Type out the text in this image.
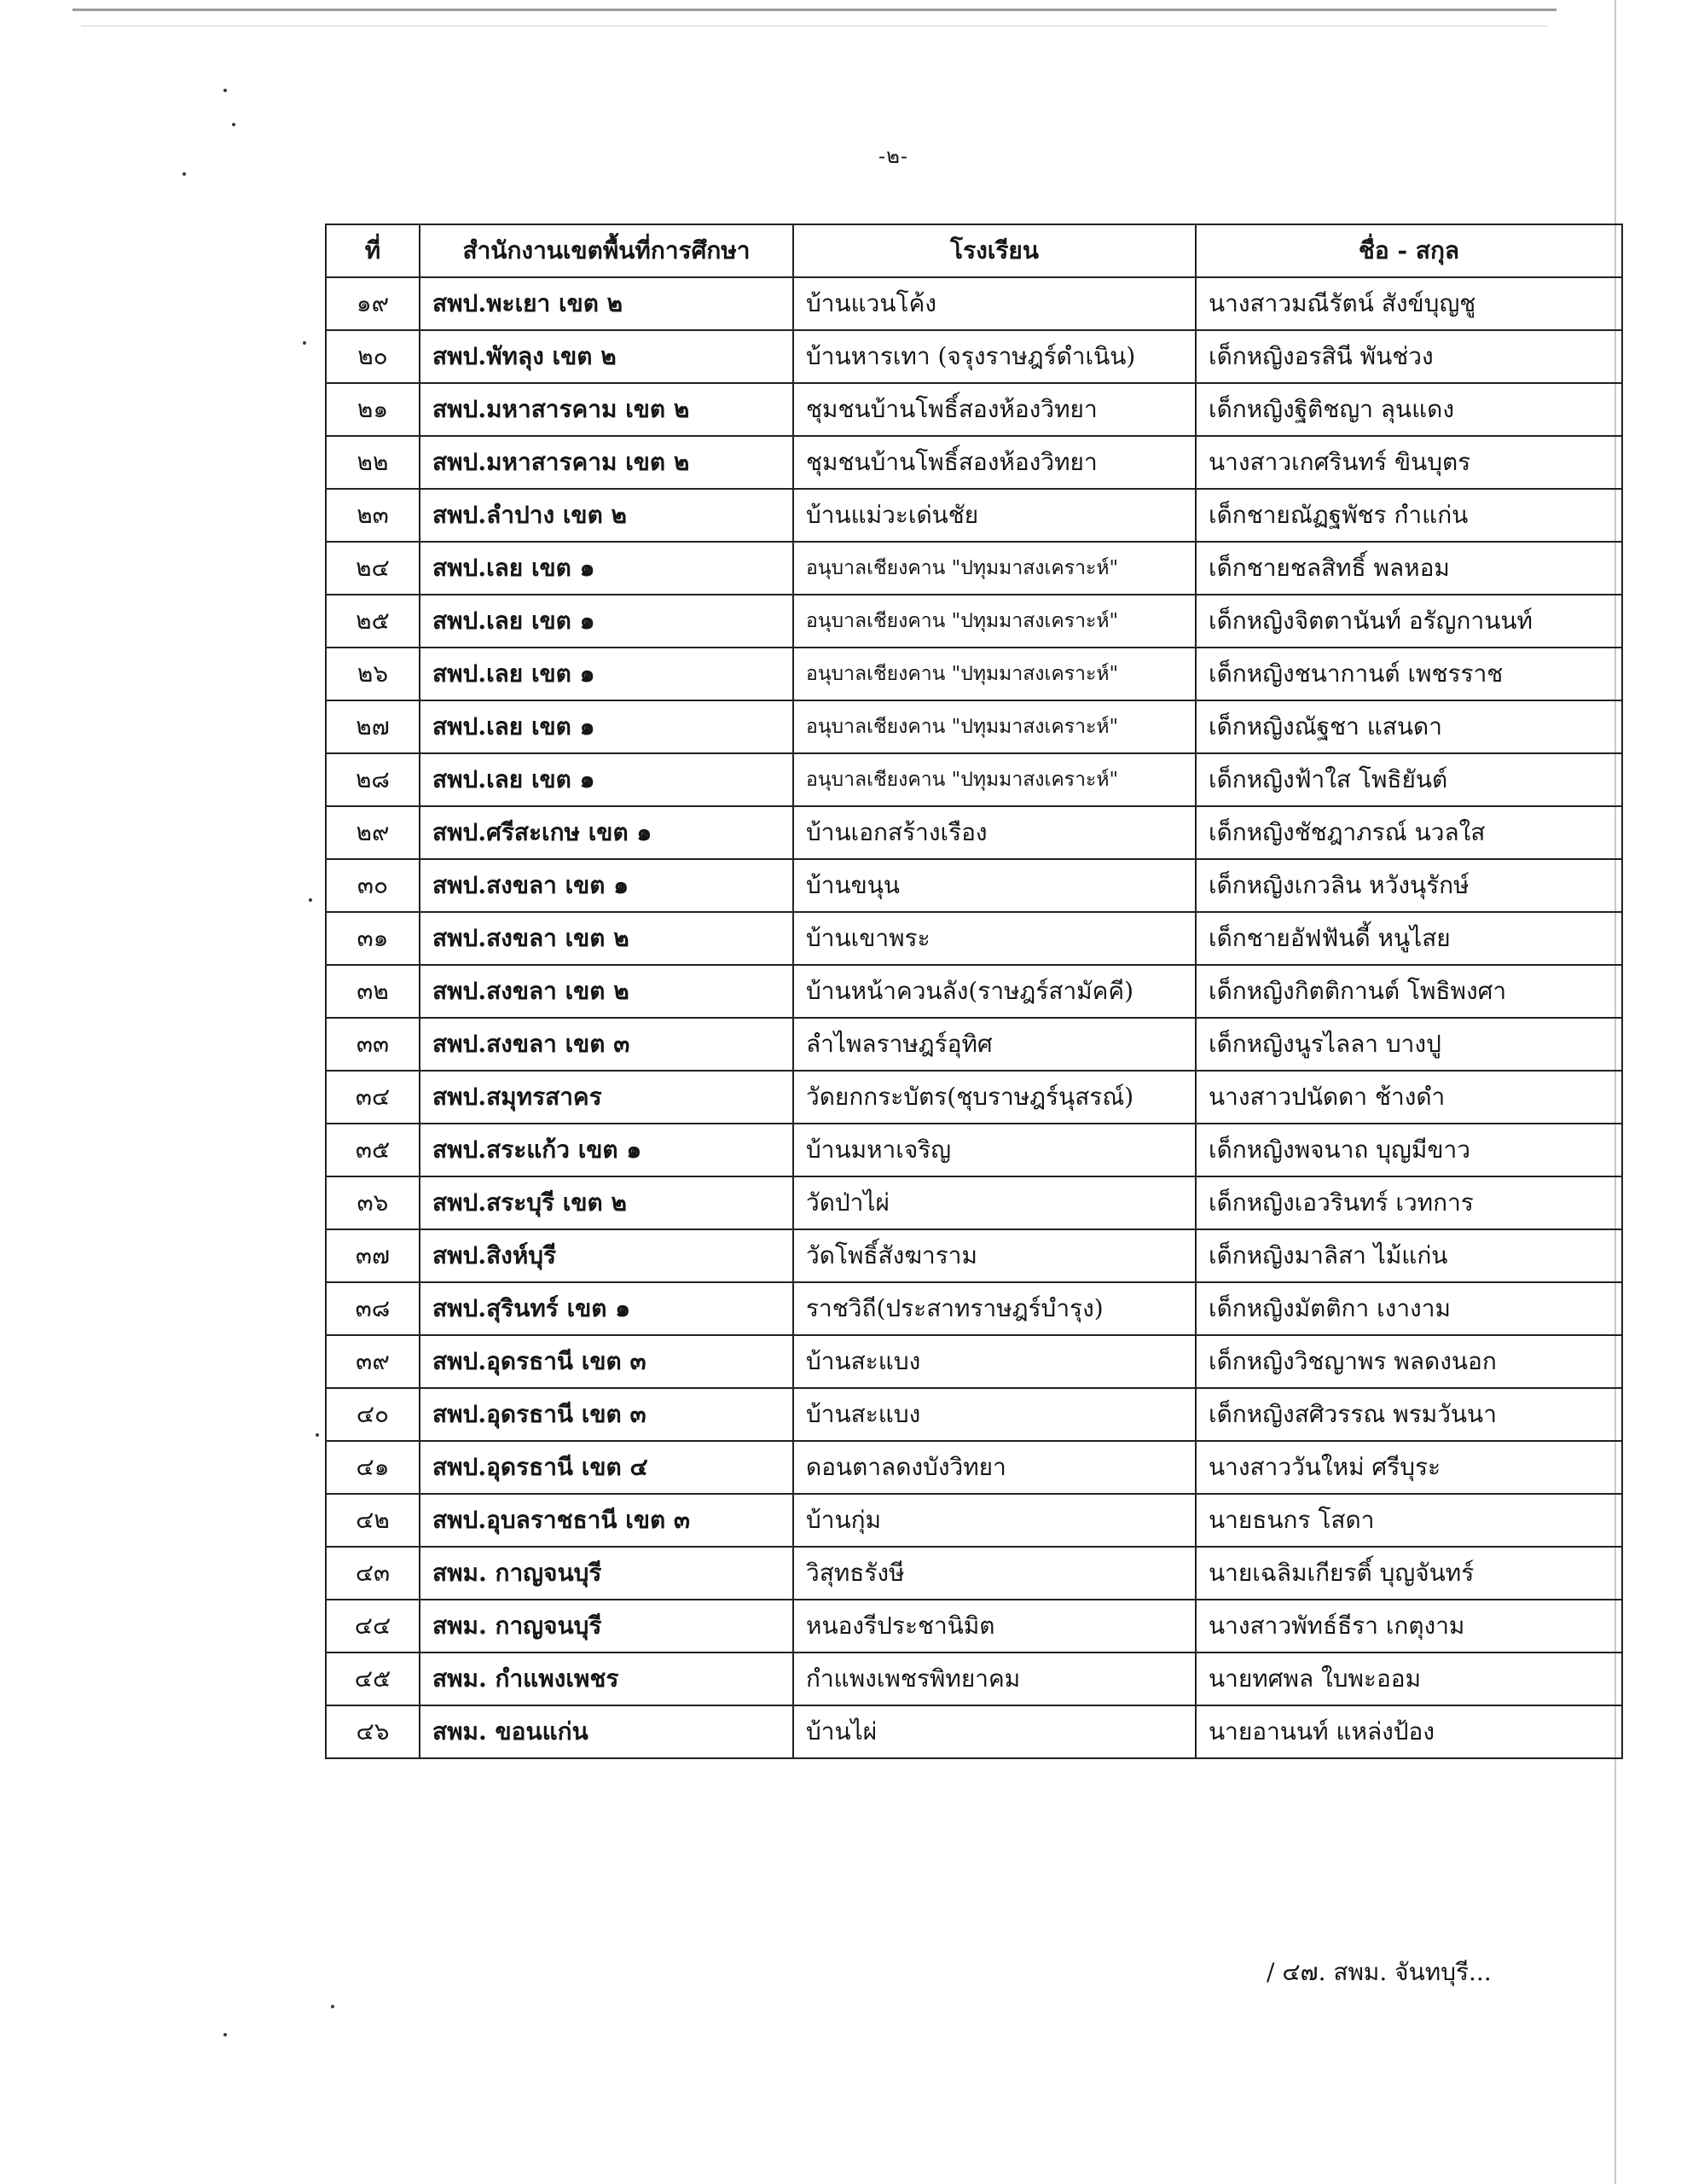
-๒-
ที่	สำนักงานเขตพื้นที่การศึกษา	โรงเรียน	ชื่อ - สกุล
๑๙	สพป.พะเยา เขต ๒	บ้านแวนโค้ง	นางสาวมณีรัตน์ สังข์บุญชู
๒๐	สพป.พัทลุง เขต ๒	บ้านหารเทา (จรุงราษฎร์ดำเนิน)	เด็กหญิงอรสินี พันช่วง
๒๑	สพป.มหาสารคาม เขต ๒	ชุมชนบ้านโพธิ์สองห้องวิทยา	เด็กหญิงฐิติชญา ลุนแดง
๒๒	สพป.มหาสารคาม เขต ๒	ชุมชนบ้านโพธิ์สองห้องวิทยา	นางสาวเกศรินทร์ ขินบุตร
๒๓	สพป.ลำปาง เขต ๒	บ้านแม่วะเด่นชัย	เด็กชายณัฏฐพัชร กำแก่น
๒๔	สพป.เลย เขต ๑	อนุบาลเชียงคาน "ปทุมมาสงเคราะห์"	เด็กชายชลสิทธิ์ พลหอม
๒๕	สพป.เลย เขต ๑	อนุบาลเชียงคาน "ปทุมมาสงเคราะห์"	เด็กหญิงจิตตานันท์ อรัญกานนท์
๒๖	สพป.เลย เขต ๑	อนุบาลเชียงคาน "ปทุมมาสงเคราะห์"	เด็กหญิงชนากานต์ เพชรราช
๒๗	สพป.เลย เขต ๑	อนุบาลเชียงคาน "ปทุมมาสงเคราะห์"	เด็กหญิงณัฐชา แสนดา
๒๘	สพป.เลย เขต ๑	อนุบาลเชียงคาน "ปทุมมาสงเคราะห์"	เด็กหญิงฟ้าใส โพธิยันต์
๒๙	สพป.ศรีสะเกษ เขต ๑	บ้านเอกสร้างเรือง	เด็กหญิงชัชฎาภรณ์ นวลใส
๓๐	สพป.สงขลา เขต ๑	บ้านขนุน	เด็กหญิงเกวลิน หวังนุรักษ์
๓๑	สพป.สงขลา เขต ๒	บ้านเขาพระ	เด็กชายอัฟฟันดี้ หนูไสย
๓๒	สพป.สงขลา เขต ๒	บ้านหน้าควนลัง(ราษฎร์สามัคคี)	เด็กหญิงกิตติกานต์ โพธิพงศา
๓๓	สพป.สงขลา เขต ๓	ลำไพลราษฎร์อุทิศ	เด็กหญิงนูรไลลา บางปู
๓๔	สพป.สมุทรสาคร	วัดยกกระบัตร(ชุบราษฎร์นุสรณ์)	นางสาวปนัดดา ช้างดำ
๓๕	สพป.สระแก้ว เขต ๑	บ้านมหาเจริญ	เด็กหญิงพจนาถ บุญมีขาว
๓๖	สพป.สระบุรี เขต ๒	วัดป่าไผ่	เด็กหญิงเอวรินทร์ เวทการ
๓๗	สพป.สิงห์บุรี	วัดโพธิ์สังฆาราม	เด็กหญิงมาลิสา ไม้แก่น
๓๘	สพป.สุรินทร์ เขต ๑	ราชวิถี(ประสาทราษฎร์บำรุง)	เด็กหญิงมัตติกา เงางาม
๓๙	สพป.อุดรธานี เขต ๓	บ้านสะแบง	เด็กหญิงวิชญาพร พลดงนอก
๔๐	สพป.อุดรธานี เขต ๓	บ้านสะแบง	เด็กหญิงสศิวรรณ พรมวันนา
๔๑	สพป.อุดรธานี เขต ๔	ดอนตาลดงบังวิทยา	นางสาววันใหม่ ศรีบุระ
๔๒	สพป.อุบลราชธานี เขต ๓	บ้านกุ่ม	นายธนกร โสดา
๔๓	สพม. กาญจนบุรี	วิสุทธรังษี	นายเฉลิมเกียรติ์ บุญจันทร์
๔๔	สพม. กาญจนบุรี	หนองรีประชานิมิต	นางสาวพัทธ์ธีรา เกตุงาม
๔๕	สพม. กำแพงเพชร	กำแพงเพชรพิทยาคม	นายทศพล ใบพะออม
๔๖	สพม. ขอนแก่น	บ้านไผ่	นายอานนท์ แหล่งป้อง
/ ๔๗. สพม. จันทบุรี...
